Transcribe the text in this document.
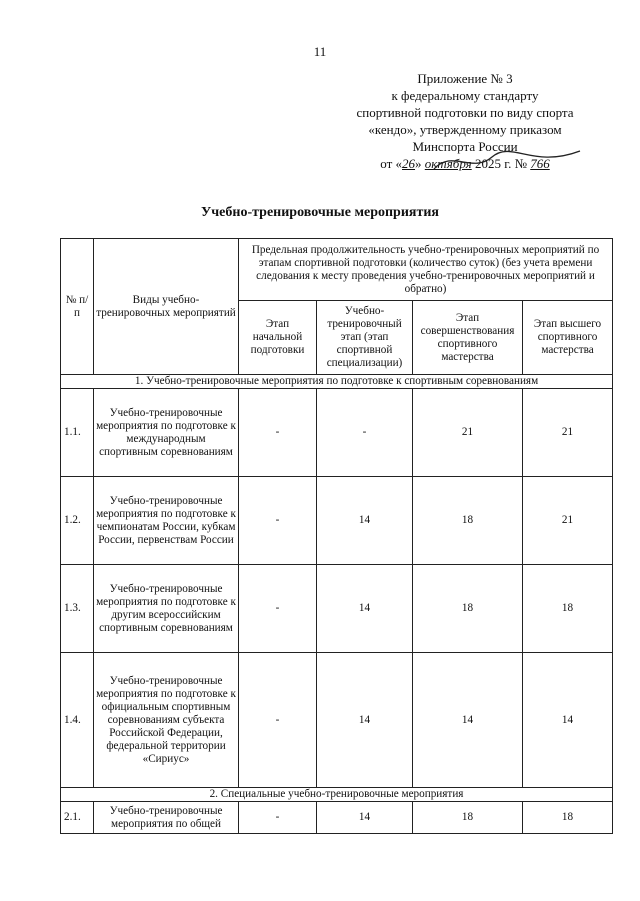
11
Приложение № 3
к федеральному стандарту
спортивной подготовки по виду спорта
«кендо», утвержденному приказом
Минспорта России
от «26» октября 2025 г. № 766
Учебно-тренировочные мероприятия
№ п/п	Виды учебно-тренировочных мероприятий	Предельная продолжительность учебно-тренировочных мероприятий по этапам спортивной подготовки (количество суток) (без учета времени следования к месту проведения учебно-тренировочных мероприятий и обратно)			
		Этап начальной подготовки	Учебно-тренировочный этап (этап спортивной специализации)	Этап совершенствования спортивного мастерства	Этап высшего спортивного мастерства
1. Учебно-тренировочные мероприятия по подготовке к спортивным соревнованиям					
1.1.	Учебно-тренировочные мероприятия по подготовке к международным спортивным соревнованиям	-	-	21	21
1.2.	Учебно-тренировочные мероприятия по подготовке к чемпионатам России, кубкам России, первенствам России	-	14	18	21
1.3.	Учебно-тренировочные мероприятия по подготовке к другим всероссийским спортивным соревнованиям	-	14	18	18
1.4.	Учебно-тренировочные мероприятия по подготовке к официальным спортивным соревнованиям субъекта Российской Федерации, федеральной территории «Сириус»	-	14	14	14
2. Специальные учебно-тренировочные мероприятия					
2.1.	Учебно-тренировочные мероприятия по общей	-	14	18	18
